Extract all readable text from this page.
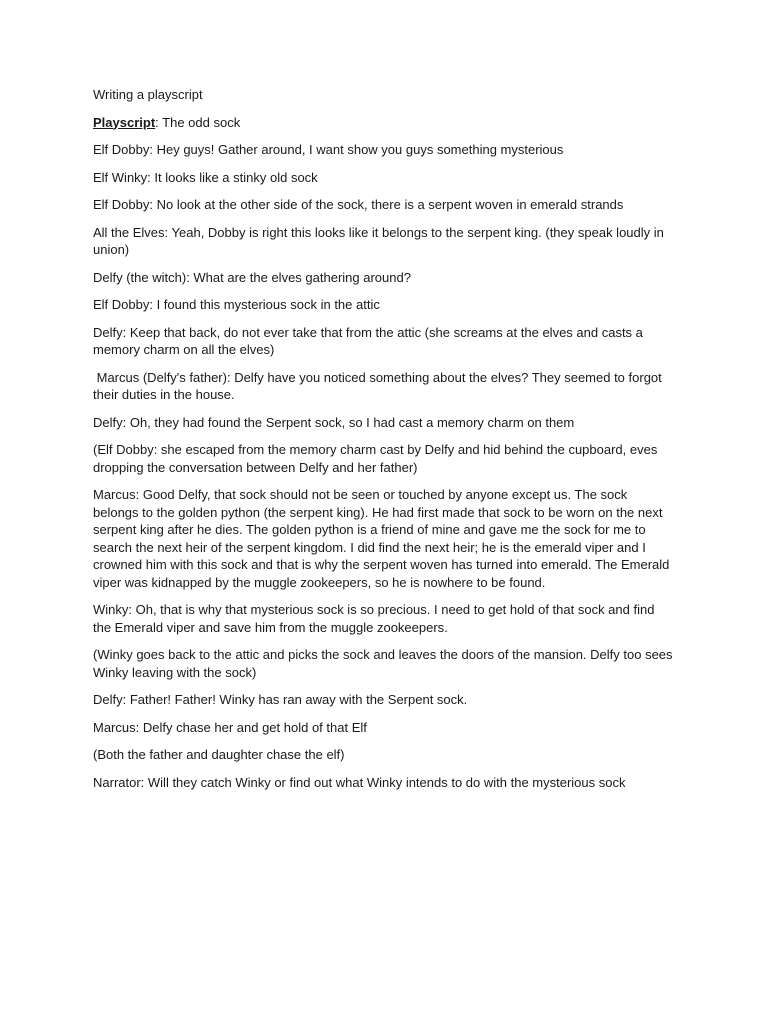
Writing a playscript

Playscript: The odd sock

Elf Dobby: Hey guys! Gather around, I want show you guys something mysterious

Elf Winky: It looks like a stinky old sock

Elf Dobby: No look at the other side of the sock, there is a serpent woven in emerald strands

All the Elves: Yeah, Dobby is right this looks like it belongs to the serpent king. (they speak loudly in union)

Delfy (the witch): What are the elves gathering around?

Elf Dobby: I found this mysterious sock in the attic

Delfy: Keep that back, do not ever take that from the attic (she screams at the elves and casts a memory charm on all the elves)

Marcus (Delfy's father): Delfy have you noticed something about the elves? They seemed to forgot their duties in the house.

Delfy: Oh, they had found the Serpent sock, so I had cast a memory charm on them

(Elf Dobby: she escaped from the memory charm cast by Delfy and hid behind the cupboard, eves dropping the conversation between Delfy and her father)

Marcus: Good Delfy, that sock should not be seen or touched by anyone except us. The sock belongs to the golden python (the serpent king). He had first made that sock to be worn on the next serpent king after he dies. The golden python is a friend of mine and gave me the sock for me to search the next heir of the serpent kingdom. I did find the next heir; he is the emerald viper and I crowned him with this sock and that is why the serpent woven has turned into emerald. The Emerald viper was kidnapped by the muggle zookeepers, so he is nowhere to be found.

Winky: Oh, that is why that mysterious sock is so precious. I need to get hold of that sock and find the Emerald viper and save him from the muggle zookeepers.

(Winky goes back to the attic and picks the sock and leaves the doors of the mansion. Delfy too sees Winky leaving with the sock)

Delfy: Father! Father! Winky has ran away with the Serpent sock.

Marcus: Delfy chase her and get hold of that Elf

(Both the father and daughter chase the elf)

Narrator: Will they catch Winky or find out what Winky intends to do with the mysterious sock
